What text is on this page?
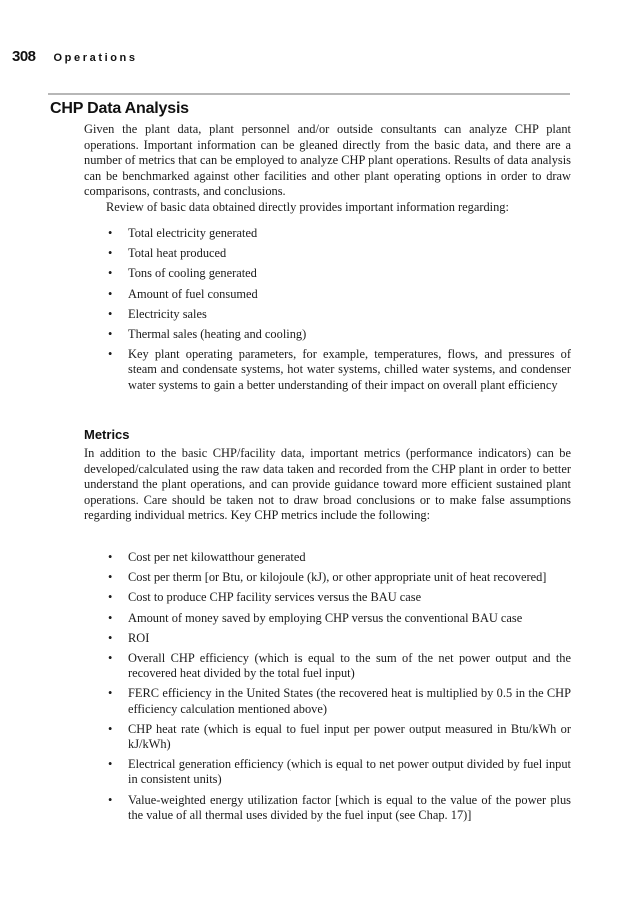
308 Operations
CHP Data Analysis

Given the plant data, plant personnel and/or outside consultants can analyze CHP plant operations. Important information can be gleaned directly from the basic data, and there are a number of metrics that can be employed to analyze CHP plant operations. Results of data analysis can be benchmarked against other facilities and other plant operating options in order to draw comparisons, contrasts, and conclusions.

Review of basic data obtained directly provides important information regarding:

• Total electricity generated
• Total heat produced
• Tons of cooling generated
• Amount of fuel consumed
• Electricity sales
• Thermal sales (heating and cooling)
• Key plant operating parameters, for example, temperatures, flows, and pressures of steam and condensate systems, hot water systems, chilled water systems, and condenser water systems to gain a better understanding of their impact on overall plant efficiency
Metrics

In addition to the basic CHP/facility data, important metrics (performance indicators) can be developed/calculated using the raw data taken and recorded from the CHP plant in order to better understand the plant operations, and can provide guidance toward more efficient sustained plant operations. Care should be taken not to draw broad conclusions or to make false assumptions regarding individual metrics. Key CHP metrics include the following:

• Cost per net kilowatthour generated
• Cost per therm [or Btu, or kilojoule (kJ), or other appropriate unit of heat recovered]
• Cost to produce CHP facility services versus the BAU case
• Amount of money saved by employing CHP versus the conventional BAU case
• ROI
• Overall CHP efficiency (which is equal to the sum of the net power output and the recovered heat divided by the total fuel input)
• FERC efficiency in the United States (the recovered heat is multiplied by 0.5 in the CHP efficiency calculation mentioned above)
• CHP heat rate (which is equal to fuel input per power output measured in Btu/kWh or kJ/kWh)
• Electrical generation efficiency (which is equal to net power output divided by fuel input in consistent units)
• Value-weighted energy utilization factor [which is equal to the value of the power plus the value of all thermal uses divided by the fuel input (see Chap. 17)]
